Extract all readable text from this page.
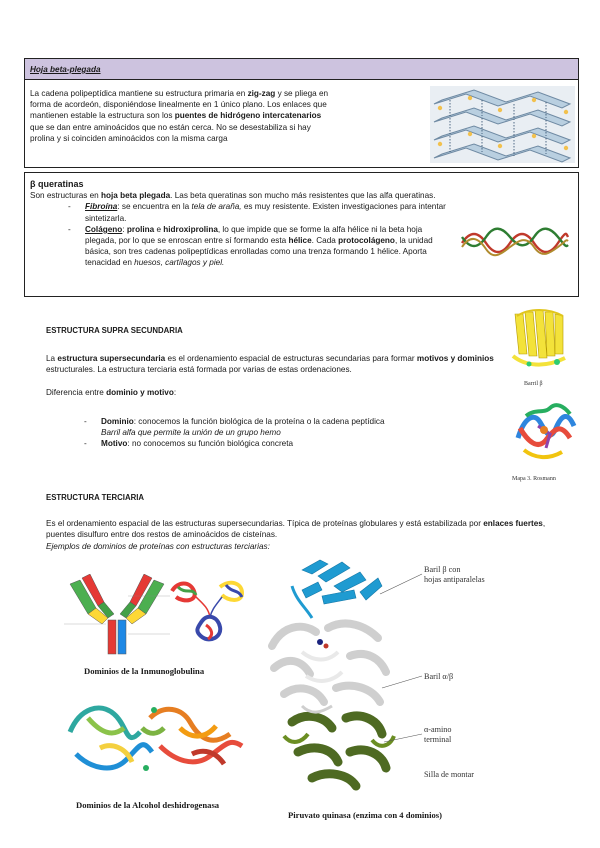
Hoja beta-plegada
La cadena polipeptídica mantiene su estructura primaria en zig-zag y se pliega en
forma de acordeón, disponiéndose linealmente en 1 único plano. Los enlaces que
mantienen estable la estructura son los puentes de hidrógeno intercatenarios
que se dan entre aminoácidos que no están cerca. No se desestabiliza si hay
prolina y si coinciden aminoácidos con la misma carga
β queratinas
Son estructuras en hoja beta plegada. Las beta queratinas son mucho más resistentes que las alfa queratinas.
- Fibroína: se encuentra en la tela de araña, es muy resistente. Existen investigaciones para intentar sintetizarla.
- Colágeno: prolina e hidroxiprolina, lo que impide que se forme la alfa hélice ni la beta hoja plegada, por lo que se enroscan entre sí formando esta hélice. Cada protocolágeno, la unidad básica, son tres cadenas polipeptídicas enrolladas como una trenza formando 1 hélice. Aporta tenacidad en huesos, cartílagos y piel.
ESTRUCTURA SUPRA SECUNDARIA
La estructura supersecundaria es el ordenamiento espacial de estructuras secundarias para formar motivos y dominios estructurales. La estructura terciaria está formada por varias de estas ordenaciones.
Diferencia entre dominio y motivo:
- Dominio: conocemos la función biológica de la proteína o la cadena peptídica
Barril alfa que permite la unión de un grupo hemo
- Motivo: no conocemos su función biológica concreta
Barril β
Mapa 3. Rosmann
ESTRUCTURA TERCIARIA
Es el ordenamiento espacial de las estructuras supersecundarias. Típica de proteínas globulares y está estabilizada por enlaces fuertes, puentes disulfuro entre dos restos de aminoácidos de cisteínas.
Ejemplos de dominios de proteínas con estructuras terciarias:
Dominios de la Inmunoglobulina
Dominios de la Alcohol deshidrogenasa
Baril β con
hojas antiparalelas
Baril α/β
α-amino
terminal
Silla de montar
Piruvato quinasa (enzima con 4 dominios)
